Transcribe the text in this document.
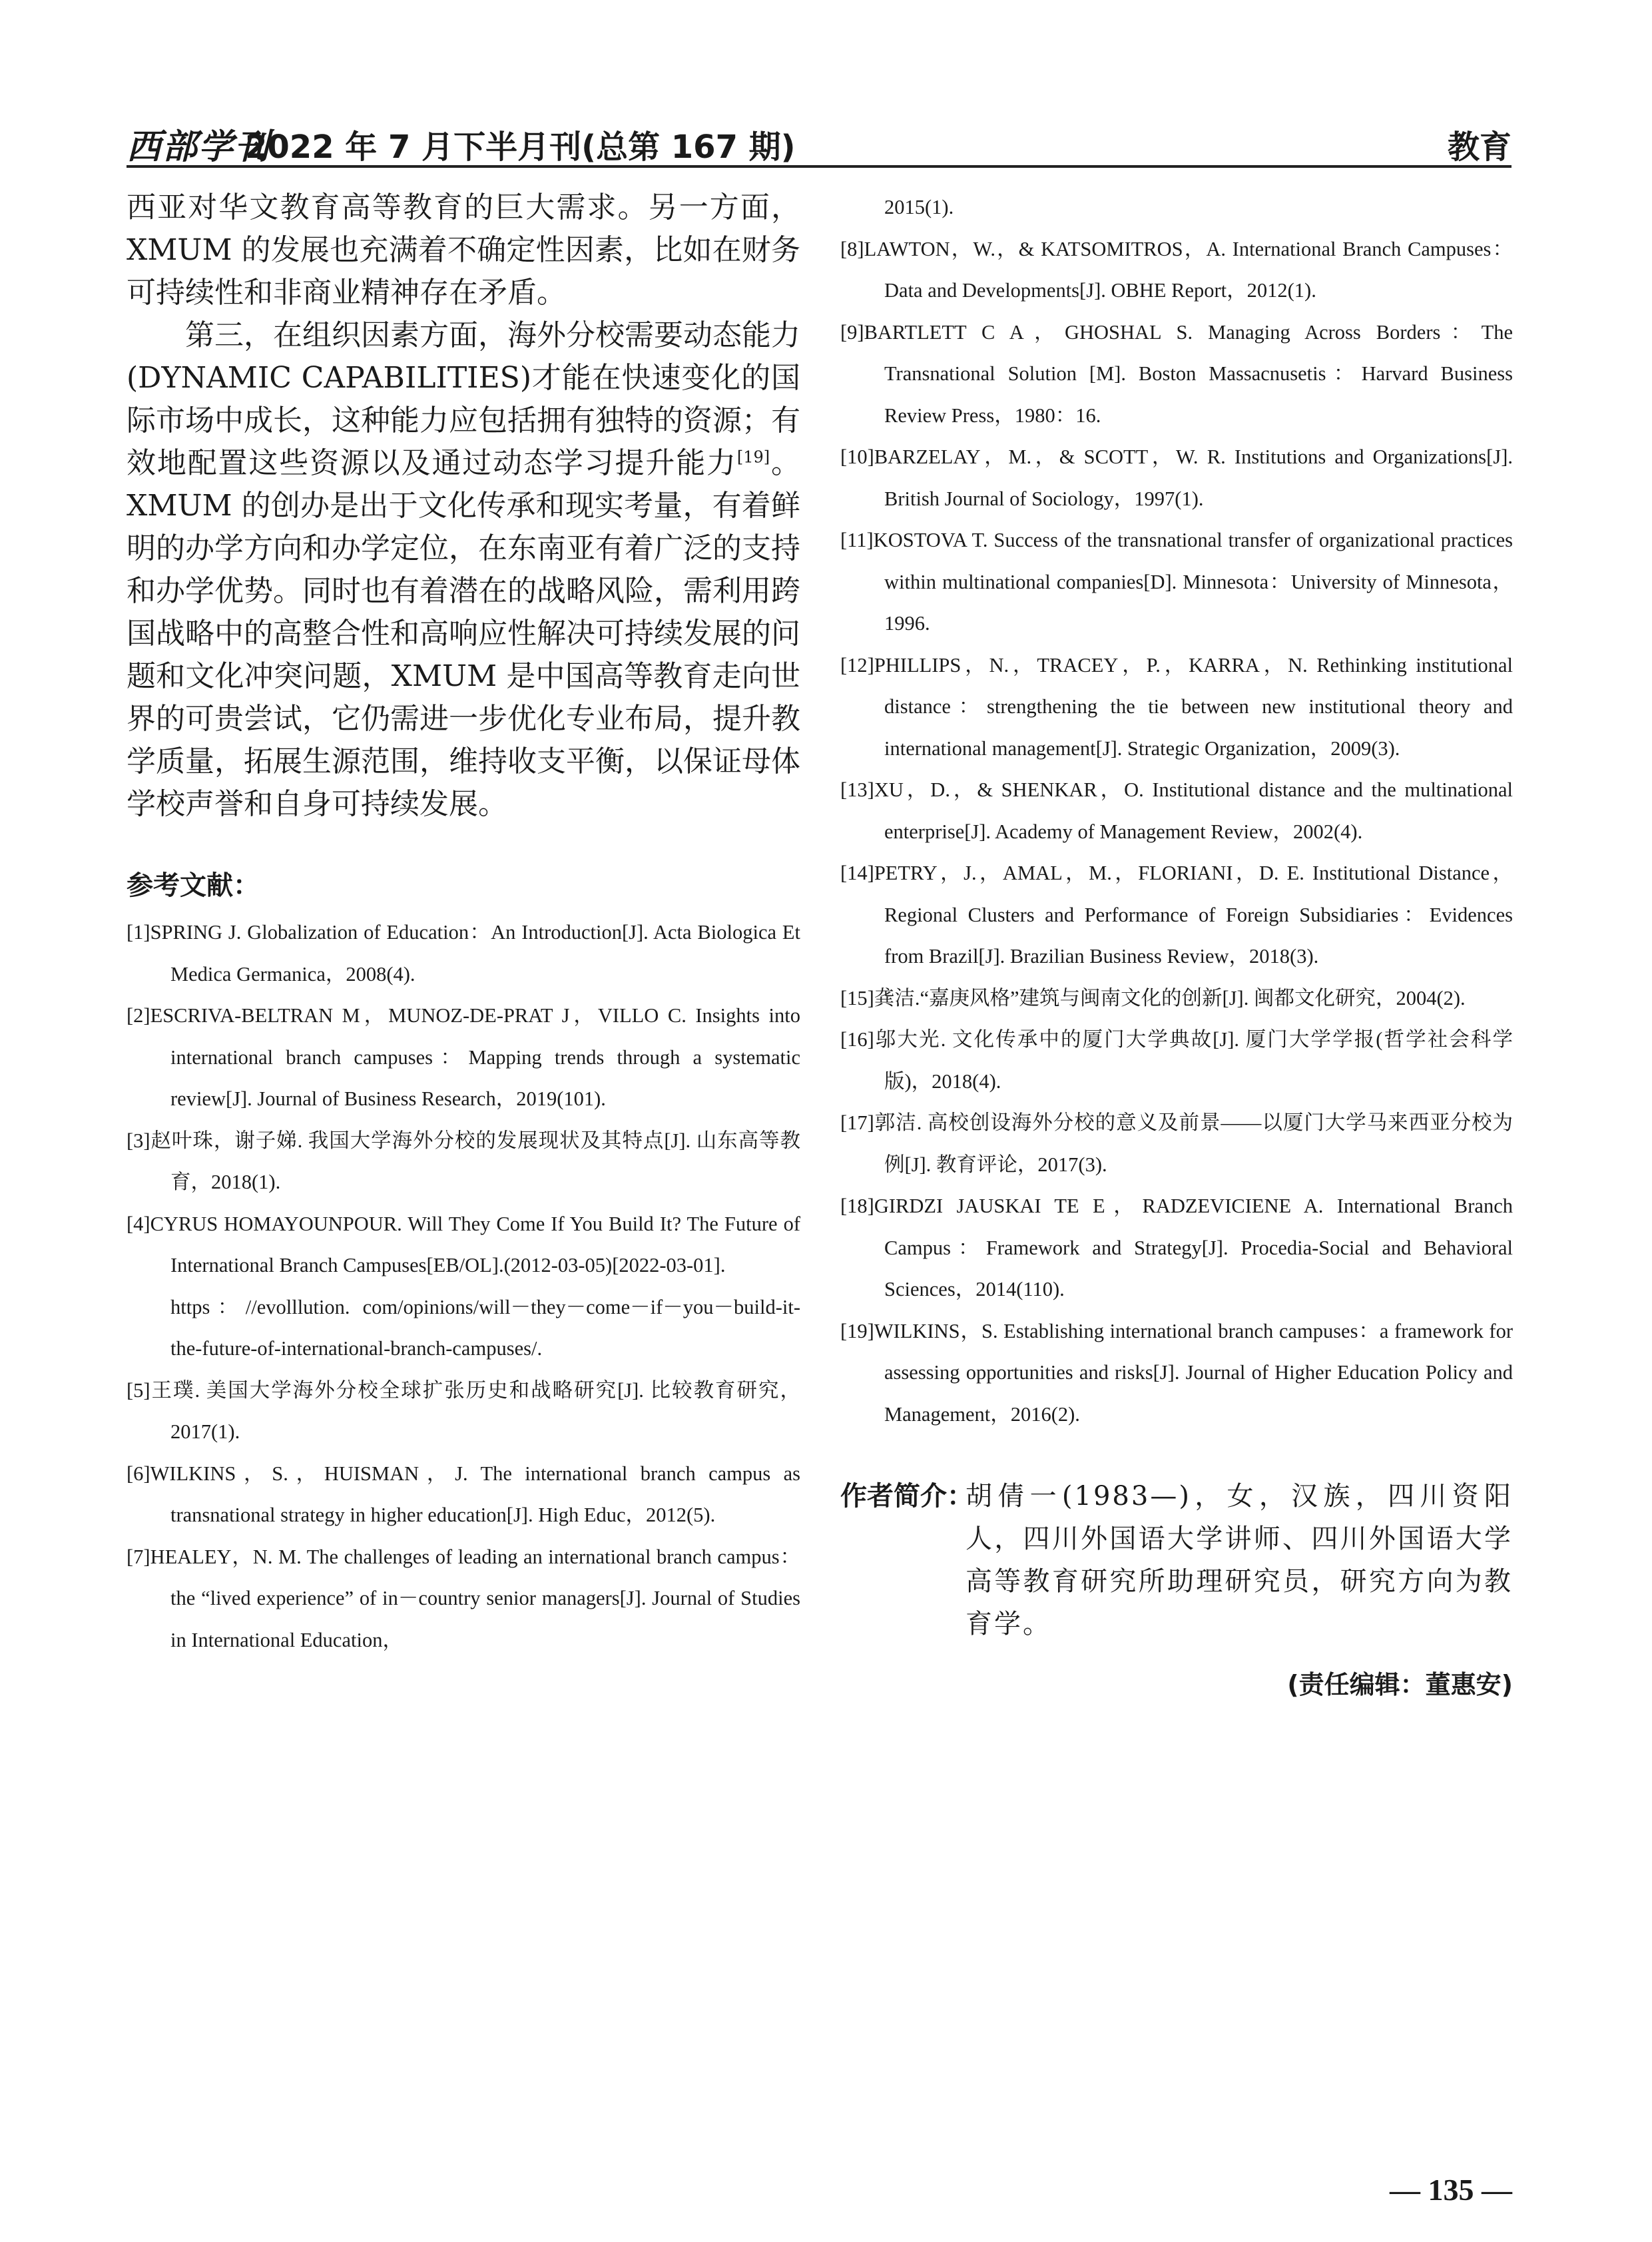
西部学刊
2022 年 7 月下半月刊(总第 167 期)	教育

西亚对华文教育高等教育的巨大需求。另一方面，XMUM 的发展也充满着不确定性因素，比如在财务可持续性和非商业精神存在矛盾。

第三，在组织因素方面，海外分校需要动态能力(DYNAMIC CAPABILITIES)才能在快速变化的国际市场中成长，这种能力应包括拥有独特的资源；有效地配置这些资源以及通过动态学习提升能力[19]。XMUM 的创办是出于文化传承和现实考量，有着鲜明的办学方向和办学定位，在东南亚有着广泛的支持和办学优势。同时也有着潜在的战略风险，需利用跨国战略中的高整合性和高响应性解决可持续发展的问题和文化冲突问题，XMUM 是中国高等教育走向世界的可贵尝试，它仍需进一步优化专业布局，提升教学质量，拓展生源范围，维持收支平衡，以保证母体学校声誉和自身可持续发展。

参考文献：
[1]SPRING J. Globalization of Education：An Introduction[J]. Acta Biologica Et Medica Germanica，2008(4).
[2]ESCRIVA-BELTRAN M，MUNOZ-DE-PRAT J，VILLO C. Insights into international branch campuses：Mapping trends through a systematic review[J]. Journal of Business Research，2019(101).
[3]赵叶珠，谢子娣. 我国大学海外分校的发展现状及其特点[J]. 山东高等教育，2018(1).
[4]CYRUS HOMAYOUNPOUR. Will They Come If You Build It? The Future of International Branch Campuses[EB/OL].(2012-03-05)[2022-03-01].
https：//evolllution. com/opinions/will－they－come－if－you－build-it-the-future-of-international-branch-campuses/.
[5]王璞. 美国大学海外分校全球扩张历史和战略研究[J]. 比较教育研究，2017(1).
[6]WILKINS，S.，HUISMAN，J. The international branch campus as transnational strategy in higher education[J]. High Educ，2012(5).
[7]HEALEY，N. M. The challenges of leading an international branch campus：the “lived experience” of in－country senior managers[J]. Journal of Studies in International Education，
2015(1).
[8]LAWTON，W.，& KATSOMITROS，A. International Branch Campuses：Data and Developments[J]. OBHE Report，2012(1).
[9]BARTLETT C A，GHOSHAL S. Managing Across Borders：The Transnational Solution [M]. Boston Massacnusetis：Harvard Business Review Press，1980：16.
[10]BARZELAY，M.，& SCOTT，W. R. Institutions and Organizations[J]. British Journal of Sociology，1997(1).
[11]KOSTOVA T. Success of the transnational transfer of organizational practices within multinational companies[D]. Minnesota：University of Minnesota，1996.
[12]PHILLIPS，N.，TRACEY，P.，KARRA，N. Rethinking institutional distance：strengthening the tie between new institutional theory and international management[J]. Strategic Organization，2009(3).
[13]XU，D.，& SHENKAR，O. Institutional distance and the multinational enterprise[J]. Academy of Management Review，2002(4).
[14]PETRY，J.，AMAL，M.，FLORIANI，D. E. Institutional Distance，Regional Clusters and Performance of Foreign Subsidiaries：Evidences from Brazil[J]. Brazilian Business Review，2018(3).
[15]龚洁.“嘉庚风格”建筑与闽南文化的创新[J]. 闽都文化研究，2004(2).
[16]邬大光. 文化传承中的厦门大学典故[J]. 厦门大学学报(哲学社会科学版)，2018(4).
[17]郭洁. 高校创设海外分校的意义及前景——以厦门大学马来西亚分校为例[J]. 教育评论，2017(3).
[18]GIRDZI JAUSKAI TE E，RADZEVICIENE A. International Branch Campus：Framework and Strategy[J]. Procedia-Social and Behavioral Sciences，2014(110).
[19]WILKINS，S. Establishing international branch campuses：a framework for assessing opportunities and risks[J]. Journal of Higher Education Policy and Management，2016(2).
作者简介：
胡倩一(1983—)，女，汉族，四川资阳人，四川外国语大学讲师、四川外国语大学高等教育研究所助理研究员，研究方向为教育学。
(责任编辑：董惠安)
— 135 —
